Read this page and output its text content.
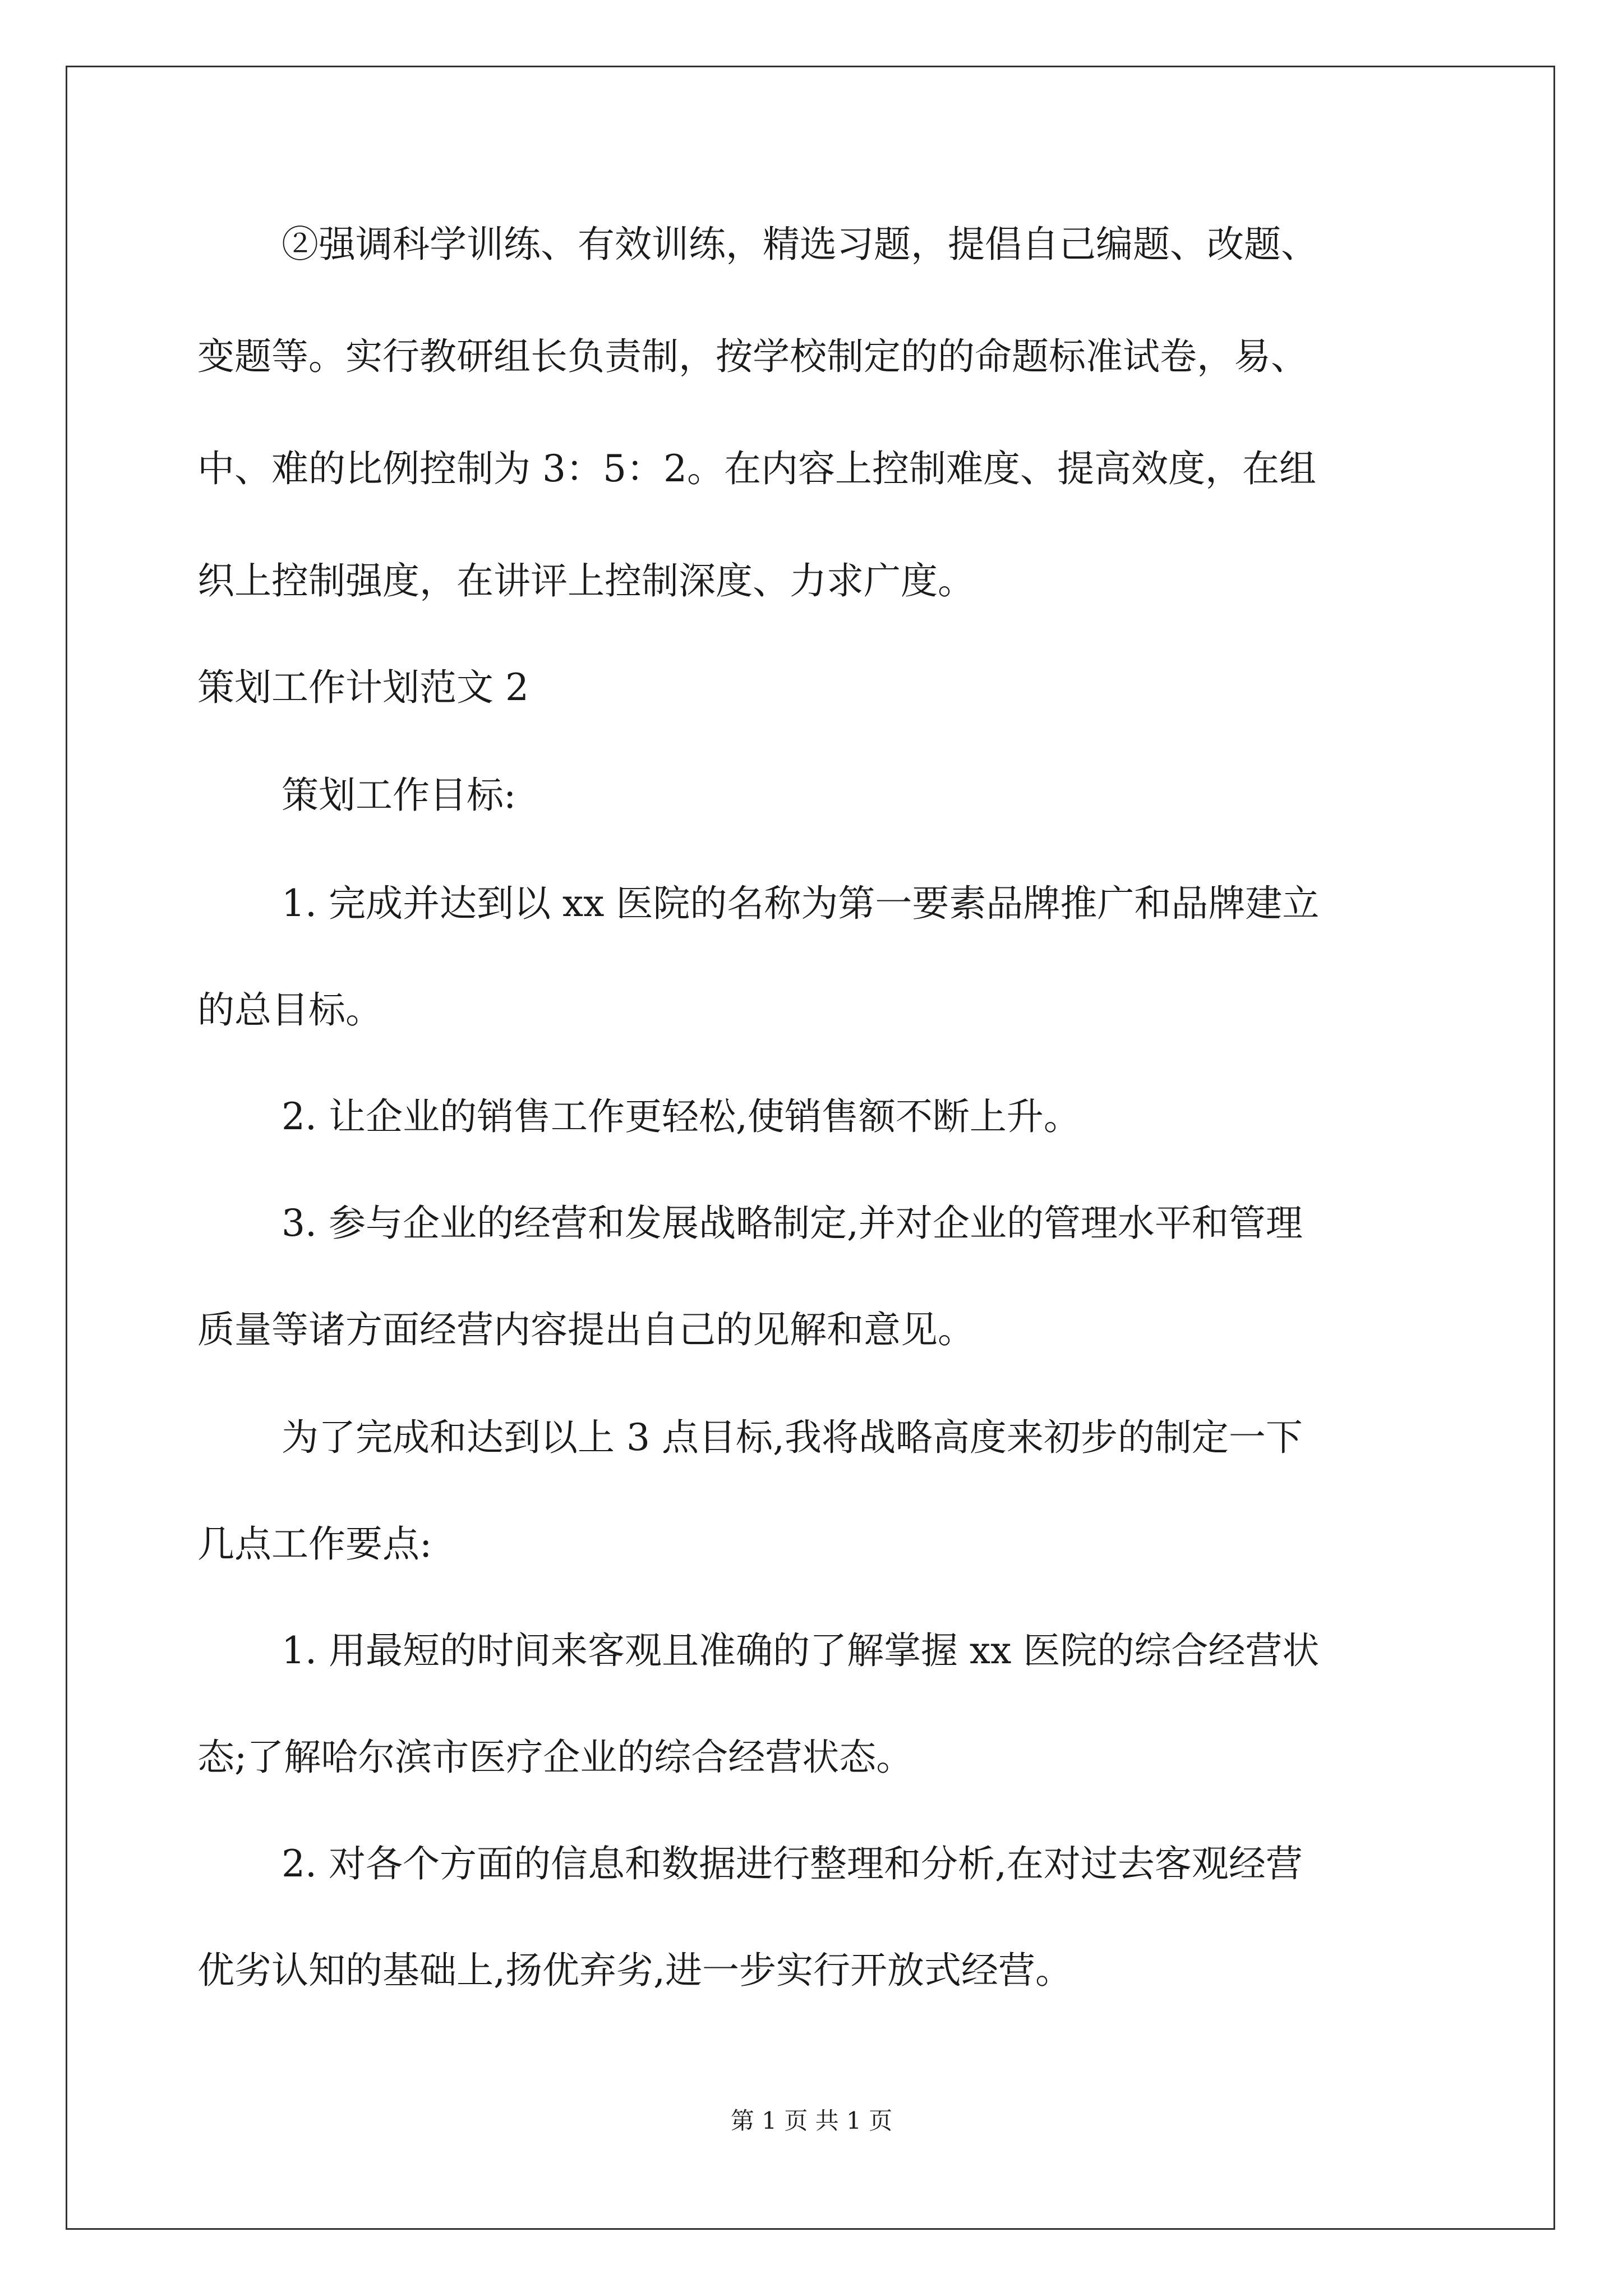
②强调科学训练、有效训练，精选习题，提倡自己编题、改题、
变题等。实行教研组长负责制，按学校制定的的命题标准试卷，易、
中、难的比例控制为 3：5：2。在内容上控制难度、提高效度，在组
织上控制强度，在讲评上控制深度、力求广度。
策划工作计划范文 2
策划工作目标:
1. 完成并达到以 xx 医院的名称为第一要素品牌推广和品牌建立
的总目标。
2. 让企业的销售工作更轻松,使销售额不断上升。
3. 参与企业的经营和发展战略制定,并对企业的管理水平和管理
质量等诸方面经营内容提出自己的见解和意见。
为了完成和达到以上 3 点目标,我将战略高度来初步的制定一下
几点工作要点:
1. 用最短的时间来客观且准确的了解掌握 xx 医院的综合经营状
态;了解哈尔滨市医疗企业的综合经营状态。
2. 对各个方面的信息和数据进行整理和分析,在对过去客观经营
优劣认知的基础上,扬优弃劣,进一步实行开放式经营。
第 1 页 共 1 页
